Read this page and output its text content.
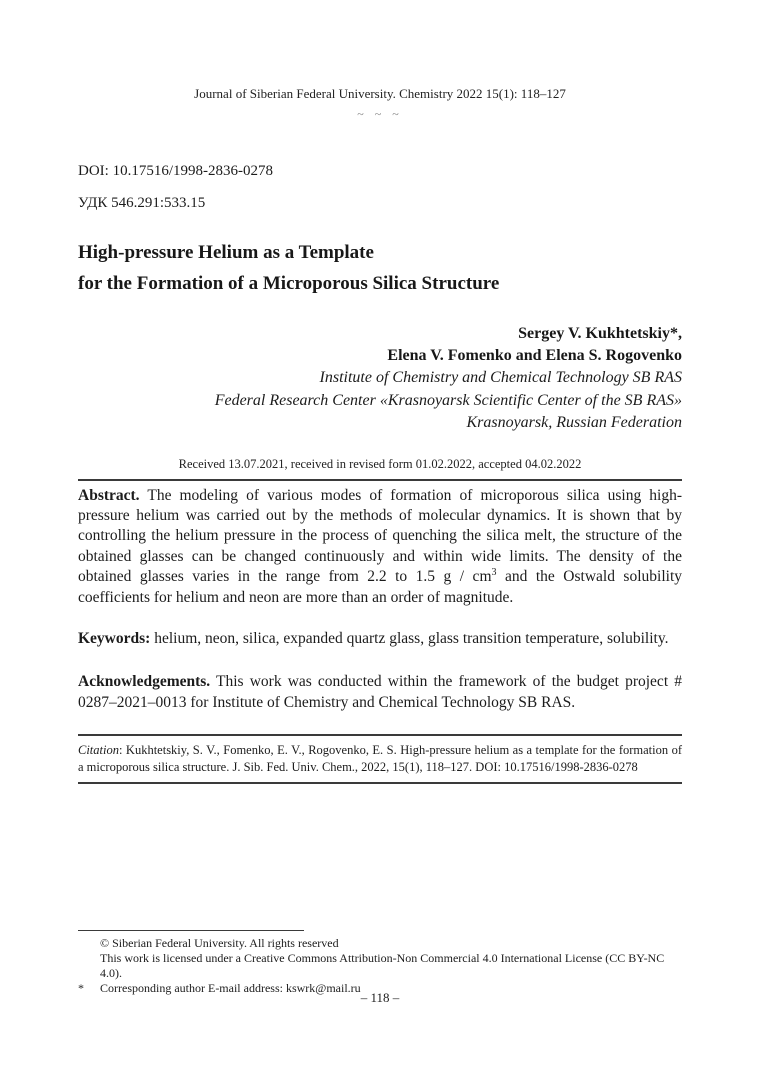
Journal of Siberian Federal University. Chemistry 2022 15(1): 118–127
~ ~ ~
DOI: 10.17516/1998-2836-0278
УДК 546.291:533.15
High-pressure Helium as a Template
for the Formation of a Microporous Silica Structure
Sergey V. Kukhtetskiy*,
Elena V. Fomenko and Elena S. Rogovenko
Institute of Chemistry and Chemical Technology SB RAS
Federal Research Center «Krasnoyarsk Scientific Center of the SB RAS»
Krasnoyarsk, Russian Federation
Received 13.07.2021, received in revised form 01.02.2022, accepted 04.02.2022
Abstract. The modeling of various modes of formation of microporous silica using high-pressure helium was carried out by the methods of molecular dynamics. It is shown that by controlling the helium pressure in the process of quenching the silica melt, the structure of the obtained glasses can be changed continuously and within wide limits. The density of the obtained glasses varies in the range from 2.2 to 1.5 g / $cm^3$ and the Ostwald solubility coefficients for helium and neon are more than an order of magnitude.
Keywords: helium, neon, silica, expanded quartz glass, glass transition temperature, solubility.
Acknowledgements. This work was conducted within the framework of the budget project # 0287–2021–0013 for Institute of Chemistry and Chemical Technology SB RAS.
Citation: Kukhtetskiy, S. V., Fomenko, E. V., Rogovenko, E. S. High-pressure helium as a template for the formation of a microporous silica structure. J. Sib. Fed. Univ. Chem., 2022, 15(1), 118–127. DOI: 10.17516/1998-2836-0278
© Siberian Federal University. All rights reserved
This work is licensed under a Creative Commons Attribution-Non Commercial 4.0 International License (CC BY-NC 4.0).
*	Corresponding author E-mail address: kswrk@mail.ru
– 118 –
